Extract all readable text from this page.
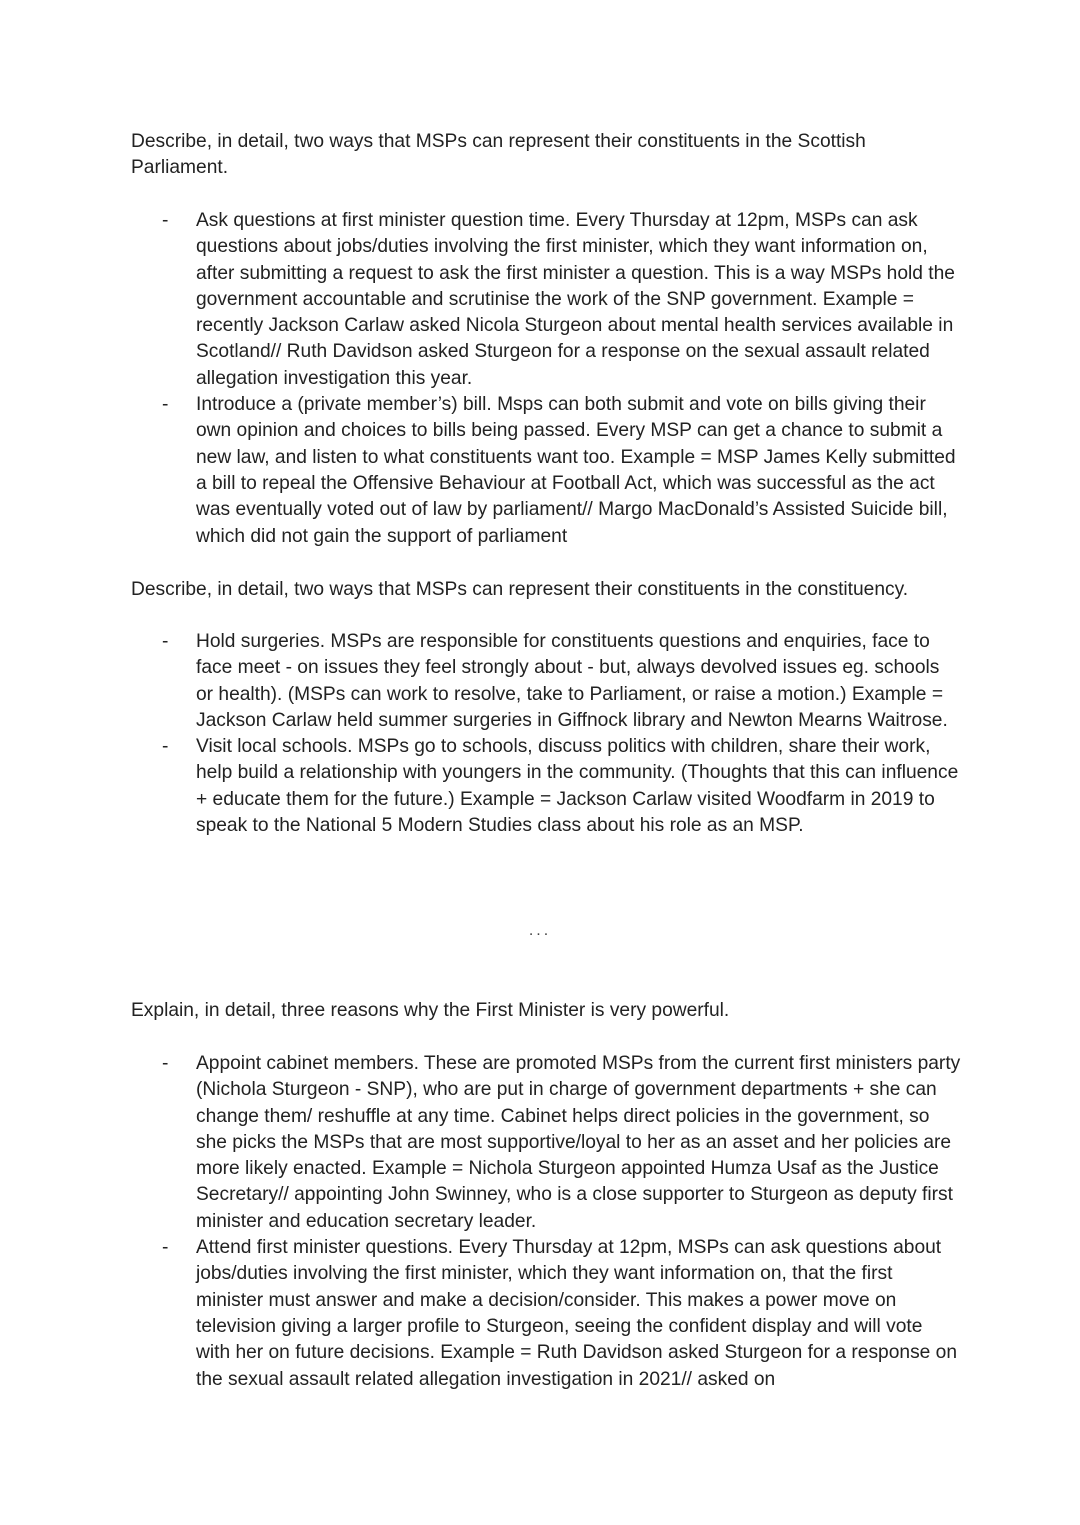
Describe, in detail, two ways that MSPs can represent their constituents in the Scottish Parliament.

- Ask questions at first minister question time. Every Thursday at 12pm, MSPs can ask questions about jobs/duties involving the first minister, which they want information on, after submitting a request to ask the first minister a question. This is a way MSPs hold the government accountable and scrutinise the work of the SNP government. Example = recently Jackson Carlaw asked Nicola Sturgeon about mental health services available in Scotland// Ruth Davidson asked Sturgeon for a response on the sexual assault related allegation investigation this year.
- Introduce a (private member’s) bill. Msps can both submit and vote on bills giving their own opinion and choices to bills being passed. Every MSP can get a chance to submit a new law, and listen to what constituents want too. Example = MSP James Kelly submitted a bill to repeal the Offensive Behaviour at Football Act, which was successful as the act was eventually voted out of law by parliament// Margo MacDonald’s Assisted Suicide bill, which did not gain the support of parliament

Describe, in detail, two ways that MSPs can represent their constituents in the constituency.

- Hold surgeries. MSPs are responsible for constituents questions and enquiries, face to face meet - on issues they feel strongly about - but, always devolved issues eg. schools or health). (MSPs can work to resolve, take to Parliament, or raise a motion.) Example = Jackson Carlaw held summer surgeries in Giffnock library and Newton Mearns Waitrose.
- Visit local schools. MSPs go to schools, discuss politics with children, share their work, help build a relationship with youngers in the community. (Thoughts that this can influence + educate them for the future.) Example = Jackson Carlaw visited Woodfarm in 2019 to speak to the National 5 Modern Studies class about his role as an MSP.
...

Explain, in detail, three reasons why the First Minister is very powerful.

- Appoint cabinet members. These are promoted MSPs from the current first ministers party (Nichola Sturgeon - SNP), who are put in charge of government departments + she can change them/ reshuffle at any time. Cabinet helps direct policies in the government, so she picks the MSPs that are most supportive/loyal to her as an asset and her policies are more likely enacted. Example = Nichola Sturgeon appointed Humza Usaf as the Justice Secretary// appointing John Swinney, who is a close supporter to Sturgeon as deputy first minister and education secretary leader.
- Attend first minister questions. Every Thursday at 12pm, MSPs can ask questions about jobs/duties involving the first minister, which they want information on, that the first minister must answer and make a decision/consider. This makes a power move on television giving a larger profile to Sturgeon, seeing the confident display and will vote with her on future decisions. Example = Ruth Davidson asked Sturgeon for a response on the sexual assault related allegation investigation in 2021// asked on
